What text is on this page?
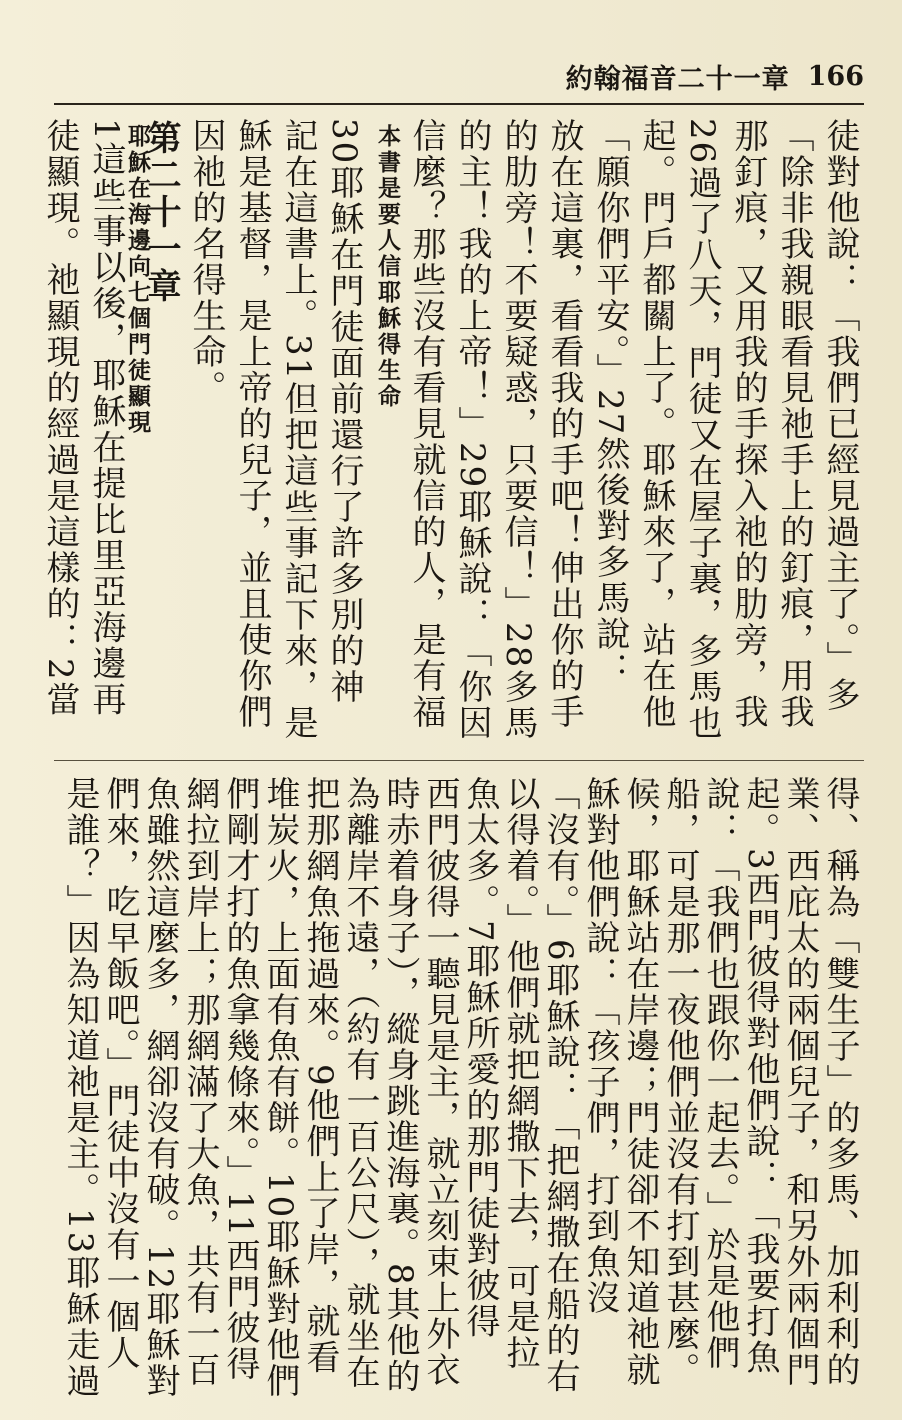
約翰福音二十一章 166
徒對他說：「我們已經見過主了。」多
「除非我親眼看見祂手上的釘痕，用我
那釘痕，又用我的手探入祂的肋旁，我
26過了八天，門徒又在屋子裏，多馬也
起。門戶都關上了。耶穌來了，站在他
「願你們平安。」27然後對多馬說：
放在這裏，看看我的手吧！伸出你的手
的肋旁！不要疑惑，只要信！」28多馬
的主！我的上帝！」29耶穌說：「你因
信麼？那些沒有看見就信的人，是有福
本書是要人信耶穌得生命
30耶穌在門徒面前還行了許多別的神
記在這書上。31但把這些事記下來，是
穌是基督，是上帝的兒子，並且使你們
因祂的名得生命。
第二十一章
耶穌在海邊向七個門徒顯現
1這些事以後，耶穌在提比里亞海邊再
徒顯現。祂顯現的經過是這樣的：2當
得、稱為「雙生子」的多馬、加利利的
業、西庇太的兩個兒子，和另外兩個門
起。3西門彼得對他們說：「我要打魚
說：「我們也跟你一起去。」於是他們
船，可是那一夜他們並沒有打到甚麼。
候，耶穌站在岸邊；門徒卻不知道祂就
穌對他們說：「孩子們，打到魚沒
「沒有。」6耶穌說：「把網撒在船的右
以得着。」他們就把網撒下去，可是拉
魚太多。7耶穌所愛的那門徒對彼得
西門彼得一聽見是主，就立刻束上外衣
時赤着身子），縱身跳進海裏。8其他的
為離岸不遠，（約有一百公尺），就坐在
把那網魚拖過來。9他們上了岸，就看
堆炭火，上面有魚有餅。10耶穌對他們
們剛才打的魚拿幾條來。」11西門彼得
網拉到岸上；那網滿了大魚，共有一百
魚雖然這麼多，網卻沒有破。12耶穌對
們來，吃早飯吧。」門徒中沒有一個人
是誰？」因為知道祂是主。13耶穌走過
